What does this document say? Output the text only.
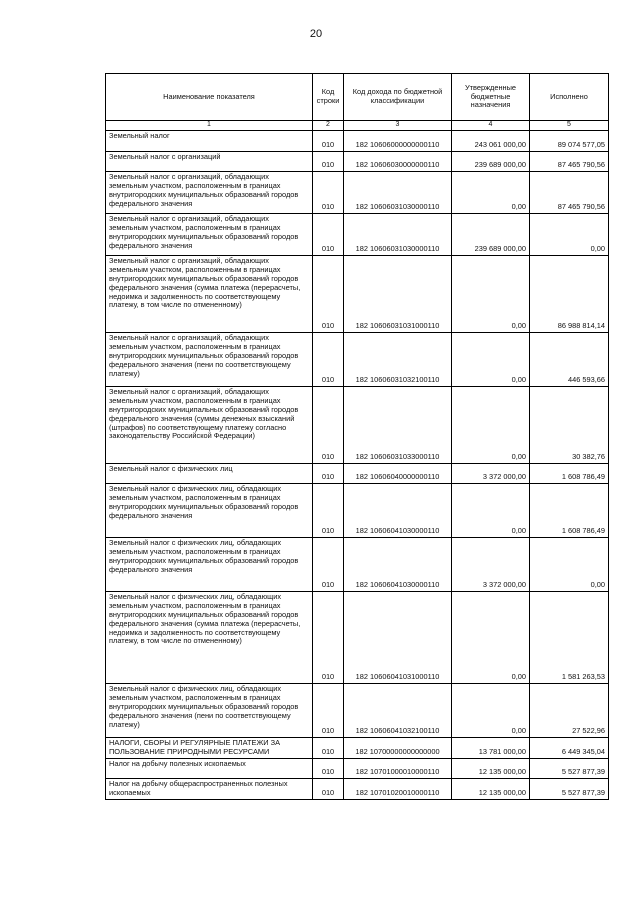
20
Наименование показателя	Код строки	Код дохода по бюджетной классификации	Утвержденные бюджетные назначения	Исполнено
1	2	3	4	5
Земельный налог	010	182 10606000000000110	243 061 000,00	89 074 577,05
Земельный налог с организаций	010	182 10606030000000110	239 689 000,00	87 465 790,56
Земельный налог с организаций, обладающих земельным участком, расположенным в границах внутригородских муниципальных образований городов федерального значения	010	182 10606031030000110	0,00	87 465 790,56
Земельный налог с организаций, обладающих земельным участком, расположенным в границах внутригородских муниципальных образований городов федерального значения	010	182 10606031030000110	239 689 000,00	0,00
Земельный налог с организаций, обладающих земельным участком, расположенным в границах внутригородских муниципальных образований городов федерального значения (сумма платежа (перерасчеты, недоимка и задолженность по соответствующему платежу, в том числе по отмененному)	010	182 10606031031000110	0,00	86 988 814,14
Земельный налог с организаций, обладающих земельным участком, расположенным в границах внутригородских муниципальных образований городов федерального значения (пени по соответствующему платежу)	010	182 10606031032100110	0,00	446 593,66
Земельный налог с организаций, обладающих земельным участком, расположенным в границах внутригородских муниципальных образований городов федерального значения (суммы денежных взысканий (штрафов) по соответствующему платежу согласно законодательству Российской Федерации)	010	182 10606031033000110	0,00	30 382,76
Земельный налог с физических лиц	010	182 10606040000000110	3 372 000,00	1 608 786,49
Земельный налог с физических лиц, обладающих земельным участком, расположенным в границах внутригородских муниципальных образований городов федерального значения	010	182 10606041030000110	0,00	1 608 786,49
Земельный налог с физических лиц, обладающих земельным участком, расположенным в границах внутригородских муниципальных образований городов федерального значения	010	182 10606041030000110	3 372 000,00	0,00
Земельный налог с физических лиц, обладающих земельным участком, расположенным в границах внутригородских муниципальных образований городов федерального значения (сумма платежа (перерасчеты, недоимка и задолженность по соответствующему платежу, в том числе по отмененному)	010	182 10606041031000110	0,00	1 581 263,53
Земельный налог с физических лиц, обладающих земельным участком, расположенным в границах внутригородских муниципальных образований городов федерального значения (пени по соответствующему платежу)	010	182 10606041032100110	0,00	27 522,96
НАЛОГИ, СБОРЫ И РЕГУЛЯРНЫЕ ПЛАТЕЖИ ЗА ПОЛЬЗОВАНИЕ ПРИРОДНЫМИ РЕСУРСАМИ	010	182 10700000000000000	13 781 000,00	6 449 345,04
Налог на добычу полезных ископаемых	010	182 10701000010000110	12 135 000,00	5 527 877,39
Налог на добычу общераспространенных полезных ископаемых	010	182 10701020010000110	12 135 000,00	5 527 877,39
